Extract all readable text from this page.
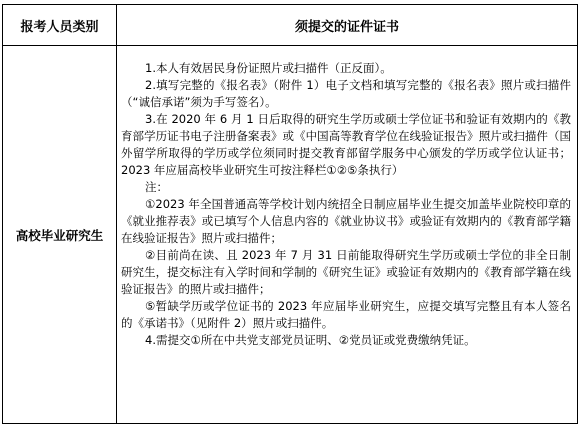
报考人员类别	须提交的证件证书
高校毕业研究生

1.本人有效居民身份证照片或扫描件（正反面）。

2.填写完整的《报名表》（附件 1）电子文档和填写完整的《报名表》照片或扫描件（“诚信承诺”须为手写签名）。

3.在 2020 年 6 月 1 日后取得的研究生学历或硕士学位证书和验证有效期内的《教育部学历证书电子注册备案表》或《中国高等教育学位在线验证报告》照片或扫描件（国外留学所取得的学历或学位须同时提交教育部留学服务中心颁发的学历或学位认证书；2023 年应届高校毕业研究生可按注释栏①②⑤条执行）

注：

①2023 年全国普通高等学校计划内统招全日制应届毕业生提交加盖毕业院校印章的《就业推荐表》或已填写个人信息内容的《就业协议书》或验证有效期内的《教育部学籍在线验证报告》照片或扫描件；

②目前尚在读、且 2023 年 7 月 31 日前能取得研究生学历或硕士学位的非全日制研究生，提交标注有入学时间和学制的《研究生证》或验证有效期内的《教育部学籍在线验证报告》的照片或扫描件；

⑤暂缺学历或学位证书的 2023 年应届毕业研究生，应提交填写完整且有本人签名的《承诺书》（见附件 2）照片或扫描件。

4.需提交①所在中共党支部党员证明、②党员证或党费缴纳凭证。
